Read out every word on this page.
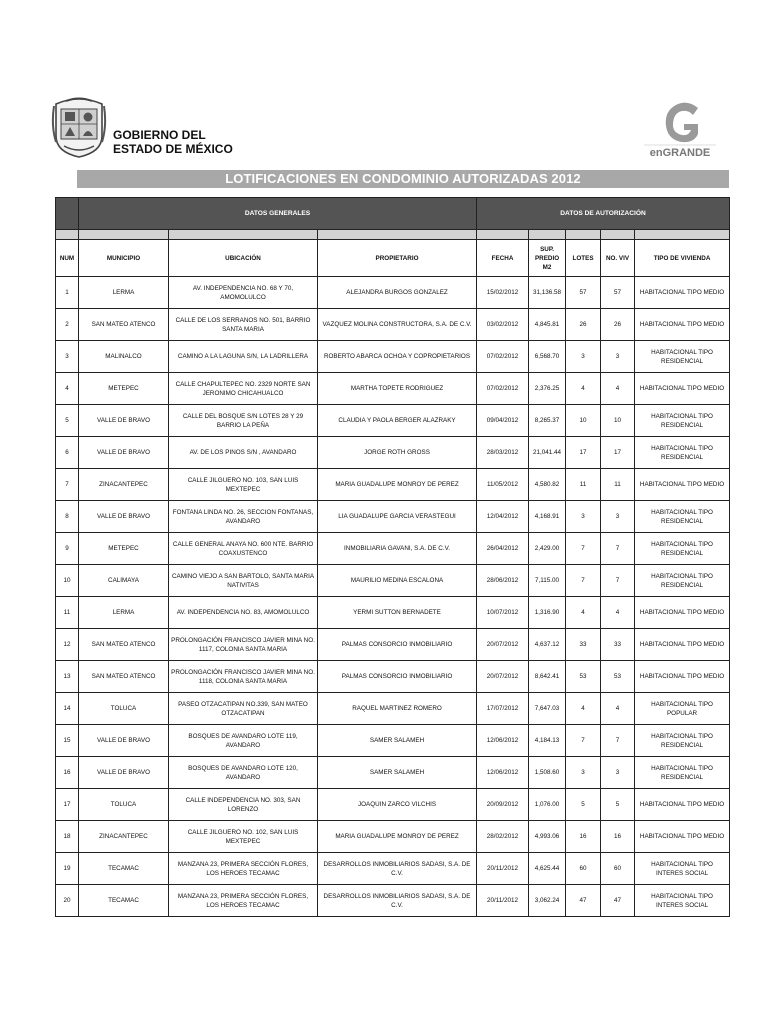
GOBIERNO DEL
ESTADO DE MÉXICO	enGRANDE
LOTIFICACIONES EN CONDOMINIO AUTORIZADAS 2012
	DATOS GENERALES			DATOS DE AUTORIZACIÓN				

NUM	MUNICIPIO	UBICACIÓN	PROPIETARIO	FECHA	SUP. PREDIO M2	LOTES	NO. VIV	TIPO DE VIVIENDA
1	LERMA	AV. INDEPENDENCIA NO. 68 Y 70, AMOMOLULCO	ALEJANDRA BURGOS GONZALEZ	15/02/2012	31,136.58	57	57	HABITACIONAL TIPO MEDIO
2	SAN MATEO ATENCO	CALLE DE LOS SERRANOS NO. 501, BARRIO SANTA MARIA	VAZQUEZ MOLINA CONSTRUCTORA, S.A. DE C.V.	03/02/2012	4,845.81	26	26	HABITACIONAL TIPO MEDIO
3	MALINALCO	CAMINO A LA LAGUNA S/N, LA LADRILLERA	ROBERTO ABARCA OCHOA Y COPROPIETARIOS	07/02/2012	6,568.70	3	3	HABITACIONAL TIPO RESIDENCIAL
4	METEPEC	CALLE CHAPULTEPEC NO. 2329 NORTE SAN JERONIMO CHICAHUALCO	MARTHA TOPETE RODRIGUEZ	07/02/2012	2,376.25	4	4	HABITACIONAL TIPO MEDIO
5	VALLE DE BRAVO	CALLE DEL BOSQUE S/N LOTES 28 Y 29 BARRIO LA PEÑA	CLAUDIA Y PAOLA BERGER ALAZRAKY	09/04/2012	8,265.37	10	10	HABITACIONAL TIPO RESIDENCIAL
6	VALLE DE BRAVO	AV. DE LOS PINOS S/N , AVANDARO	JORGE ROTH GROSS	28/03/2012	21,041.44	17	17	HABITACIONAL TIPO RESIDENCIAL
7	ZINACANTEPEC	CALLE JILGUERO NO. 103, SAN LUIS MEXTEPEC	MARIA GUADALUPE MONROY DE PEREZ	11/05/2012	4,580.82	11	11	HABITACIONAL TIPO MEDIO
8	VALLE DE BRAVO	FONTANA LINDA NO. 26, SECCION FONTANAS, AVANDARO	LIA GUADALUPE GARCIA VERASTEGUI	12/04/2012	4,168.91	3	3	HABITACIONAL TIPO RESIDENCIAL
9	METEPEC	CALLE GENERAL ANAYA NO. 600 NTE. BARRIO COAXUSTENCO	INMOBILIARIA GAVANI, S.A. DE C.V.	26/04/2012	2,429.00	7	7	HABITACIONAL TIPO RESIDENCIAL
10	CALIMAYA	CAMINO VIEJO A SAN BARTOLO, SANTA MARIA NATIVITAS	MAURILIO MEDINA ESCALONA	28/06/2012	7,115.00	7	7	HABITACIONAL TIPO RESIDENCIAL
11	LERMA	AV. INDEPENDENCIA NO. 83, AMOMOLULCO	YERMI SUTTON BERNADETE	10/07/2012	1,316.90	4	4	HABITACIONAL TIPO MEDIO
12	SAN MATEO ATENCO	PROLONGACIÓN FRANCISCO JAVIER MINA NO. 1117, COLONIA SANTA MARIA	PALMAS CONSORCIO INMOBILIARIO	20/07/2012	4,637.12	33	33	HABITACIONAL TIPO MEDIO
13	SAN MATEO ATENCO	PROLONGACIÓN FRANCISCO JAVIER MINA NO. 1118, COLONIA SANTA MARIA	PALMAS CONSORCIO INMOBILIARIO	20/07/2012	8,642.41	53	53	HABITACIONAL TIPO MEDIO
14	TOLUCA	PASEO OTZACATIPAN NO.339, SAN MATEO OTZACATIPAN	RAQUEL MARTINEZ ROMERO	17/07/2012	7,647.03	4	4	HABITACIONAL TIPO POPULAR
15	VALLE DE BRAVO	BOSQUES DE AVANDARO LOTE 119, AVANDARO	SAMER SALAMEH	12/06/2012	4,184.13	7	7	HABITACIONAL TIPO RESIDENCIAL
16	VALLE DE BRAVO	BOSQUES DE AVANDARO LOTE 120, AVANDARO	SAMER SALAMEH	12/06/2012	1,508.60	3	3	HABITACIONAL TIPO RESIDENCIAL
17	TOLUCA	CALLE INDEPENDENCIA NO. 303, SAN LORENZO	JOAQUIN ZARCO VILCHIS	20/09/2012	1,076.00	5	5	HABITACIONAL TIPO MEDIO
18	ZINACANTEPEC	CALLE JILGUERO NO. 102, SAN LUIS MEXTEPEC	MARIA GUADALUPE MONROY DE PEREZ	28/02/2012	4,993.06	16	16	HABITACIONAL TIPO MEDIO
19	TECAMAC	MANZANA 23, PRIMERA SECCIÓN FLORES, LOS HEROES TECAMAC	DESARROLLOS INMOBILIARIOS SADASI, S.A. DE C.V.	20/11/2012	4,625.44	60	60	HABITACIONAL TIPO INTERES SOCIAL
20	TECAMAC	MANZANA 23, PRIMERA SECCIÓN FLORES, LOS HEROES TECAMAC	DESARROLLOS INMOBILIARIOS SADASI, S.A. DE C.V.	20/11/2012	3,062.24	47	47	HABITACIONAL TIPO INTERES SOCIAL
